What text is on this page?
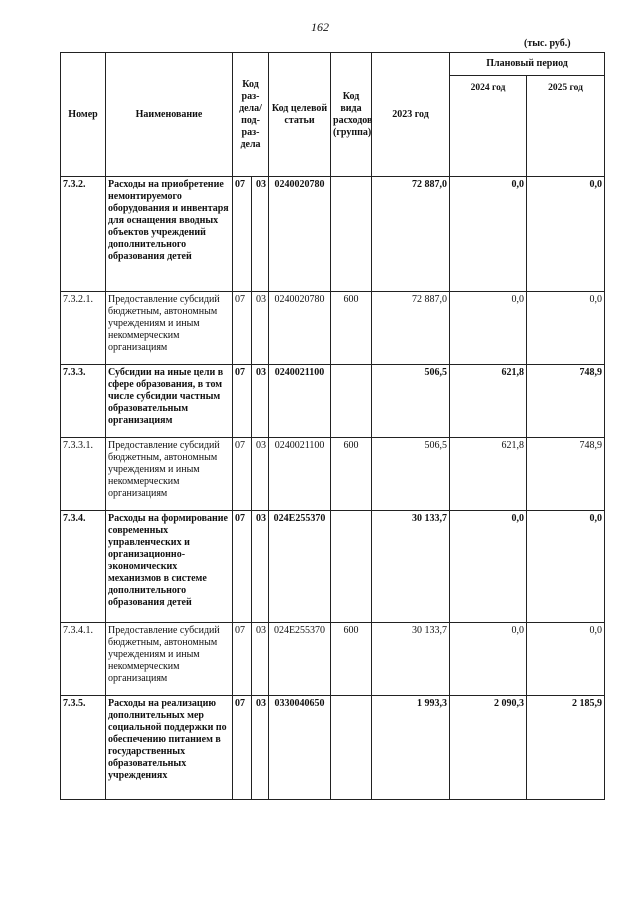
162
(тыс. руб.)
Номер	Наименование	Код раз-дела/ под-раз-дела		Код целевой статьи	Код вида расходов (группа)	2023 год	Плановый период	
							2024 год	2025 год
7.3.2.	Расходы на приобретение немонтируемого оборудования и инвентаря для оснащения вводных объектов учреждений дополнительного образования детей	07	03	0240020780		72 887,0	0,0	0,0
7.3.2.1.	Предоставление субсидий бюджетным, автономным учреждениям и иным некоммерческим организациям	07	03	0240020780	600	72 887,0	0,0	0,0
7.3.3.	Субсидии на иные цели в сфере образования, в том числе субсидии частным образовательным организациям	07	03	0240021100		506,5	621,8	748,9
7.3.3.1.	Предоставление субсидий бюджетным, автономным учреждениям и иным некоммерческим организациям	07	03	0240021100	600	506,5	621,8	748,9
7.3.4.	Расходы на формирование современных управленческих и организационно-экономических механизмов в системе дополнительного образования детей	07	03	024E255370		30 133,7	0,0	0,0
7.3.4.1.	Предоставление субсидий бюджетным, автономным учреждениям и иным некоммерческим организациям	07	03	024E255370	600	30 133,7	0,0	0,0
7.3.5.	Расходы на реализацию дополнительных мер социальной поддержки по обеспечению питанием в государственных образовательных учреждениях	07	03	0330040650		1 993,3	2 090,3	2 185,9
